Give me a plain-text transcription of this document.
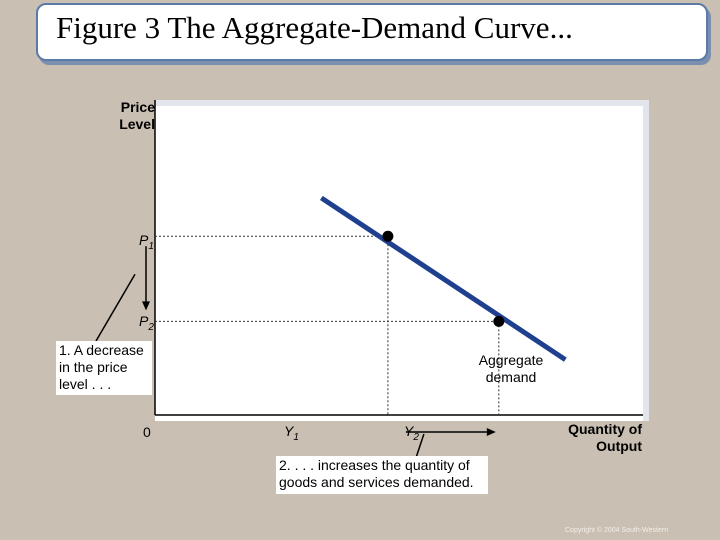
Figure 3 The Aggregate-Demand Curve...
Price
Level
Quantity of
Output
0
$P_1$
$P_2$
$Y_1$	$Y_2$
Aggregate
demand
1. A decrease
in the price
level . . .
2. . . . increases the quantity of
goods and services demanded.
Copyright © 2004 South-Western
